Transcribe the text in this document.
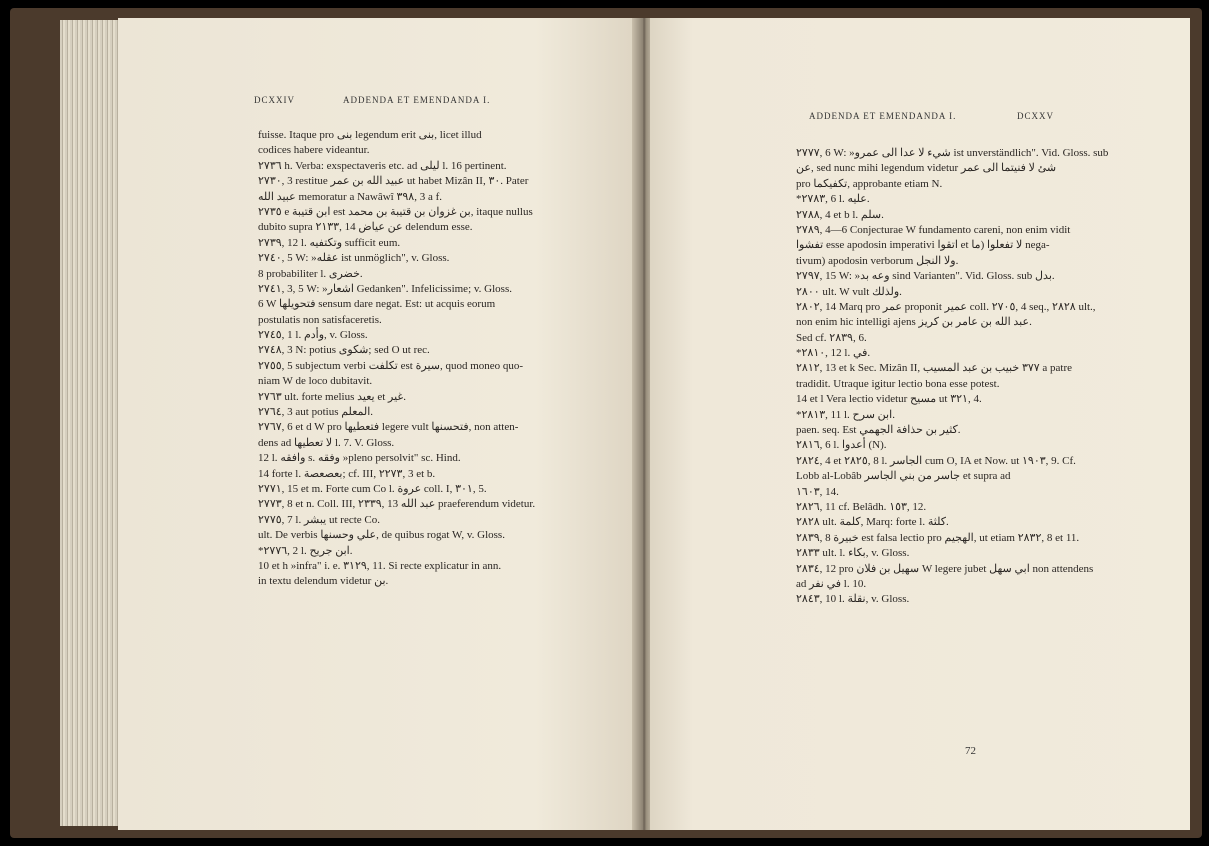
DCXXIV	ADDENDA ET EMENDANDA I.
fuisse. Itaque pro بنى legendum erit بنى, licet illud
codices habere videantur.
٢٧٣٦ h. Verba: exspectaveris etc. ad ليلى l. 16 pertinent.
٢٧٣٠, 3 restitue عبيد الله بن عمر ut habet Mizân II, ٣٠. Pater
عبيد الله memoratur a Nawâwî ٣٩٨, 3 a f.
٢٧٣٥ e ابن قتيبة est بن غزوان بن قتيبة بن محمد, itaque nullus
dubito supra ٢١٣٣, 14 عن عياض delendum esse.
٢٧٣٩, 12 l. وتكتفيه sufficit eum.
٢٧٤٠, 5 W: »عقله ist unmöglich", v. Gloss.
8 probabiliter l. خضرى.
٢٧٤١, 3, 5 W: »اشعار Gedanken". Infelicissime; v. Gloss.
6 W فتحويلها sensum dare negat. Est: ut acquis eorum
postulatis non satisfaceretis.
٢٧٤٥, 1 l. وأدم, v. Gloss.
٢٧٤٨, 3 N: potius شكوى; sed O ut rec.
٢٧٥٥, 5 subjectum verbi تكلفت est سيرة, quod moneo quo-
niam W de loco dubitavit.
٢٧٦٣ ult. forte melius يعيد et غير.
٢٧٦٤, 3 aut potius المعلم.
٢٧٦٧, 6 et d W pro فتعطيها legere vult فتحسنها, non atten-
dens ad لا تعطيها l. 7. V. Gloss.
12 l. وافقه s. وفقه »pleno persolvit" sc. Hind.
14 forte l. بعصعصة; cf. III, ٢٢٧٣, 3 et b.
٢٧٧١, 15 et m. Forte cum Co l. عروة coll. I, ٣٠١, 5.
٢٧٧٣, 8 et n. Coll. III, ٢٣٣٩, 13 عبد الله praeferendum videtur.
٢٧٧٥, 7 l. يبشر ut recte Co.
ult. De verbis علي وحسنها, de quibus rogat W, v. Gloss.
*٢٧٧٦, 2 l. ابن جريح.
10 et h »infra" i. e. ٣١٢٩, 11. Si recte explicatur in ann.
in textu delendum videtur بن.
ADDENDA ET EMENDANDA I.	DCXXV
٢٧٧٧, 6 W: »شيء لا عدا الى عمرو ist unverständlich". Vid. Gloss. sub
عن, sed nunc mihi legendum videtur شئ لا فنيتما الى عمر
pro تكفيكما, approbante etiam N.
*٢٧٨٣, 6 l. عليه.
٢٧٨٨, 4 et b l. سلم.
٢٧٨٩, 4—6 Conjecturae W fundamento careni, non enim vidit
تفشوا esse apodosin imperativi اتقوا et لا تفعلوا (ما nega-
tivum) apodosin verborum ولا النجل.
٢٧٩٧, 15 W: »وعه بد sind Varianten". Vid. Gloss. sub بدل.
٢٨٠٠ ult. W vult ولذلك.
٢٨٠٢, 14 Marq pro عمر proponit عمير coll. ٢٧٠٥, 4 seq., ٢٨٢٨ ult.,
non enim hic intelligi ajens عبد الله بن عامر بن كريز.
Sed cf. ٢٨٣٩, 6.
*٢٨١٠, 12 l. في.
٢٨١٢, 13 et k Sec. Mizân II, ٣٧٧ خبيب بن عبد المسيب a patre
tradidit. Utraque igitur lectio bona esse potest.
14 et l Vera lectio videtur مسيح ut ٣٢١, 4.
*٢٨١٣, 11 l. ابن سرح.
paen. seq. Est كثير بن حذافة الجهمي.
٢٨١٦, 6 l. أعدوا (N).
٢٨٢٤, 4 et ٢٨٢٥, 8 l. الجاسر cum O, IA et Now. ut ١٩٠٣, 9. Cf.
Lobb al-Lobâb جاسر من بني الجاسر et supra ad
١٦٠٣, 14.
٢٨٢٦, 11 cf. Belâdh. ١٥٣, 12.
٢٨٢٨ ult. كلمة, Marq: forte l. كلثة.
٢٨٣٩, 8 خبيرة est falsa lectio pro الهجيم, ut etiam ٢٨٣٢, 8 et 11.
٢٨٣٣ ult. l. بكاء, v. Gloss.
٢٨٣٤, 12 pro سهيل بن فلان W legere jubet ابي سهل non attendens
ad في نفر l. 10.
٢٨٤٣, 10 l. نقلة, v. Gloss.
72
